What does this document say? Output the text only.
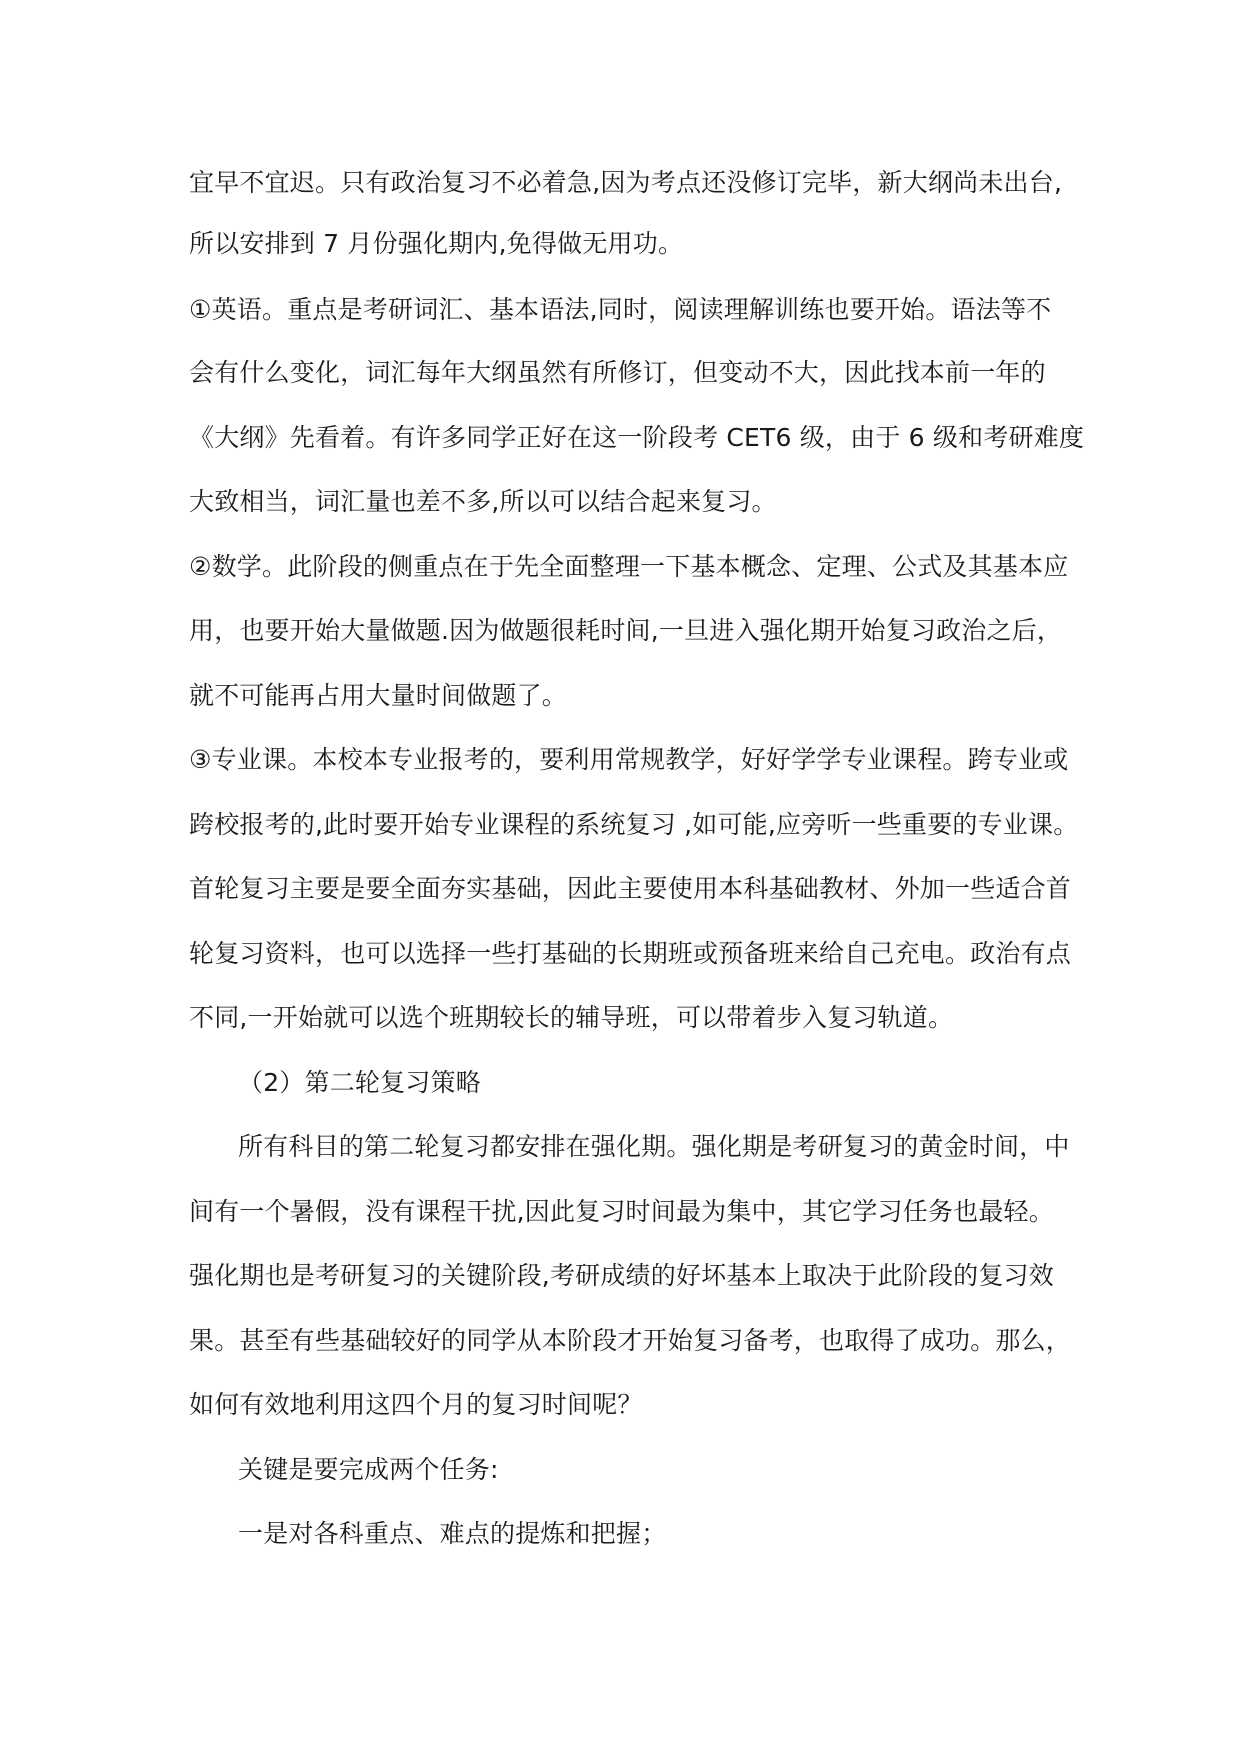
宜早不宜迟。只有政治复习不必着急,因为考点还没修订完毕，新大纲尚未出台,
所以安排到 7 月份强化期内,免得做无用功。
①英语。重点是考研词汇、基本语法,同时，阅读理解训练也要开始。语法等不
会有什么变化，词汇每年大纲虽然有所修订，但变动不大，因此找本前一年的
《大纲》先看着。有许多同学正好在这一阶段考 CET6 级，由于 6 级和考研难度
大致相当，词汇量也差不多,所以可以结合起来复习。
②数学。此阶段的侧重点在于先全面整理一下基本概念、定理、公式及其基本应
用，也要开始大量做题.因为做题很耗时间,一旦进入强化期开始复习政治之后，
就不可能再占用大量时间做题了。
③专业课。本校本专业报考的，要利用常规教学，好好学学专业课程。跨专业或
跨校报考的,此时要开始专业课程的系统复习 ,如可能,应旁听一些重要的专业课。
首轮复习主要是要全面夯实基础，因此主要使用本科基础教材、外加一些适合首
轮复习资料，也可以选择一些打基础的长期班或预备班来给自己充电。政治有点
不同,一开始就可以选个班期较长的辅导班，可以带着步入复习轨道。
（2）第二轮复习策略
所有科目的第二轮复习都安排在强化期。强化期是考研复习的黄金时间，中
间有一个暑假，没有课程干扰,因此复习时间最为集中，其它学习任务也最轻。
强化期也是考研复习的关键阶段,考研成绩的好坏基本上取决于此阶段的复习效
果。甚至有些基础较好的同学从本阶段才开始复习备考，也取得了成功。那么，
如何有效地利用这四个月的复习时间呢？
关键是要完成两个任务:
一是对各科重点、难点的提炼和把握；
